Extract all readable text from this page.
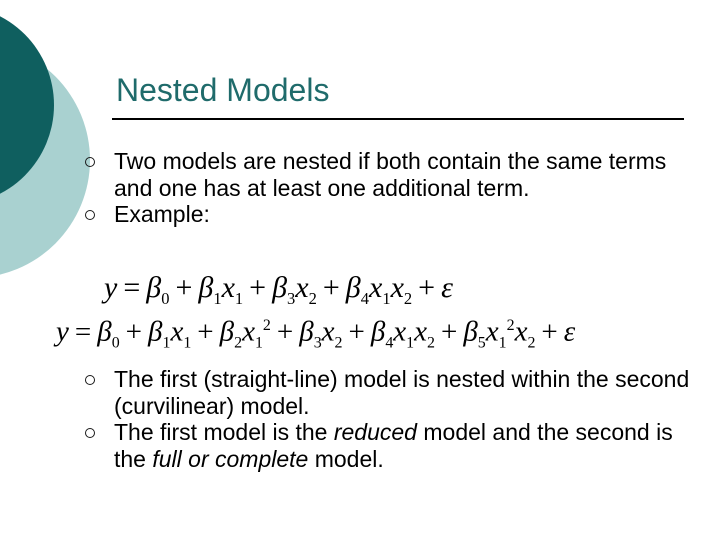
Nested Models
Two models are nested if both contain the same terms and one has at least one additional term.
Example:
$y = \beta_0 + \beta_1x_1 + \beta_3x_2 + \beta_4x_1x_2 + \varepsilon$
$y = \beta_0 + \beta_1x_1 + \beta_2x_1^2 + \beta_3x_2 + \beta_4x_1x_2 + \beta_5x_1^2x_2 + \varepsilon$
The first (straight-line) model is nested within the second (curvilinear) model.
The first model is the reduced model and the second is the full or complete model.
